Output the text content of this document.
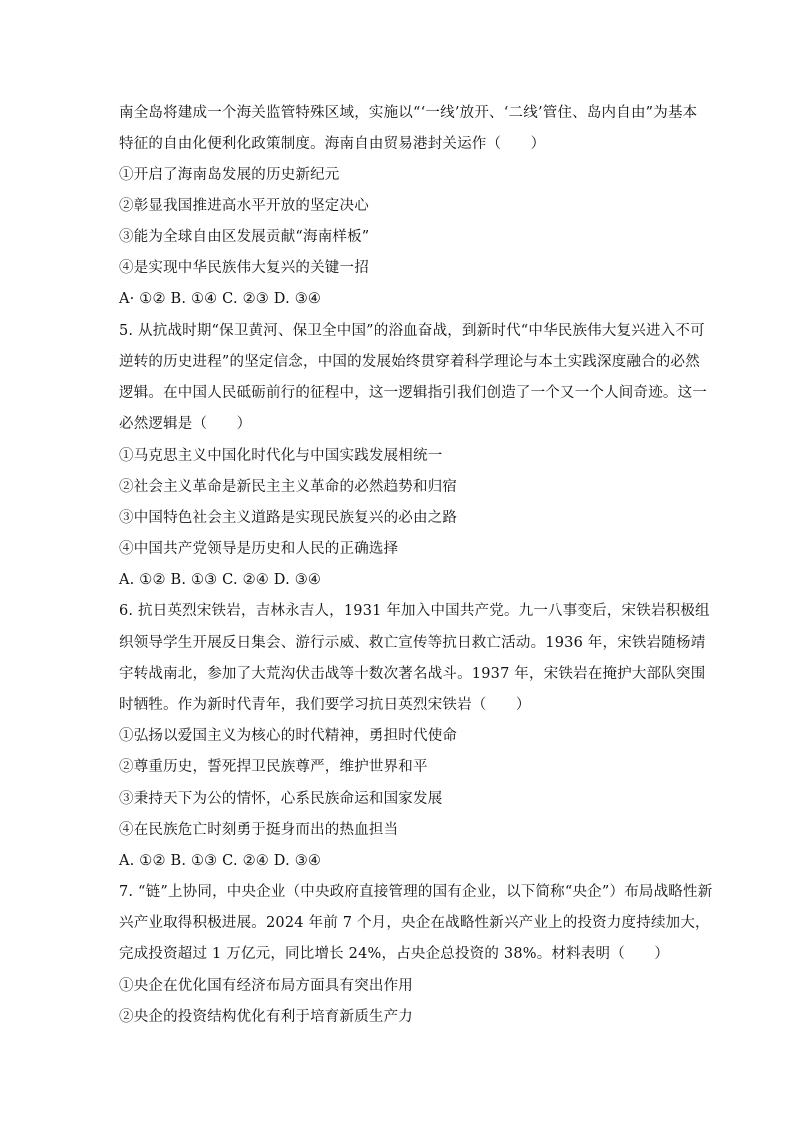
南全岛将建成一个海关监管特殊区域，实施以“‘一线’放开、‘二线’管住、岛内自由”为基本
特征的自由化便利化政策制度。海南自由贸易港封关运作（　　）
①开启了海南岛发展的历史新纪元
②彰显我国推进高水平开放的坚定决心
③能为全球自由区发展贡献“海南样板”
④是实现中华民族伟大复兴的关键一招
A· ①② B. ①④ C. ②③ D. ③④
5. 从抗战时期“保卫黄河、保卫全中国”的浴血奋战，到新时代“中华民族伟大复兴进入不可
逆转的历史进程”的坚定信念，中国的发展始终贯穿着科学理论与本土实践深度融合的必然
逻辑。在中国人民砥砺前行的征程中，这一逻辑指引我们创造了一个又一个人间奇迹。这一
必然逻辑是（　　）
①马克思主义中国化时代化与中国实践发展相统一
②社会主义革命是新民主主义革命的必然趋势和归宿
③中国特色社会主义道路是实现民族复兴的必由之路
④中国共产党领导是历史和人民的正确选择
A. ①② B. ①③ C. ②④ D. ③④
6. 抗日英烈宋铁岩，吉林永吉人，1931 年加入中国共产党。九一八事变后，宋铁岩积极组
织领导学生开展反日集会、游行示威、救亡宣传等抗日救亡活动。1936 年，宋铁岩随杨靖
宇转战南北，参加了大荒沟伏击战等十数次著名战斗。1937 年，宋铁岩在掩护大部队突围
时牺牲。作为新时代青年，我们要学习抗日英烈宋铁岩（　　）
①弘扬以爱国主义为核心的时代精神，勇担时代使命
②尊重历史，誓死捍卫民族尊严，维护世界和平
③秉持天下为公的情怀，心系民族命运和国家发展
④在民族危亡时刻勇于挺身而出的热血担当
A. ①② B. ①③ C. ②④ D. ③④
7. “链”上协同，中央企业（中央政府直接管理的国有企业，以下简称“央企”）布局战略性新
兴产业取得积极进展。2024 年前 7 个月，央企在战略性新兴产业上的投资力度持续加大，
完成投资超过 1 万亿元，同比增长 24%，占央企总投资的 38%。材料表明（　　）
①央企在优化国有经济布局方面具有突出作用
②央企的投资结构优化有利于培育新质生产力
